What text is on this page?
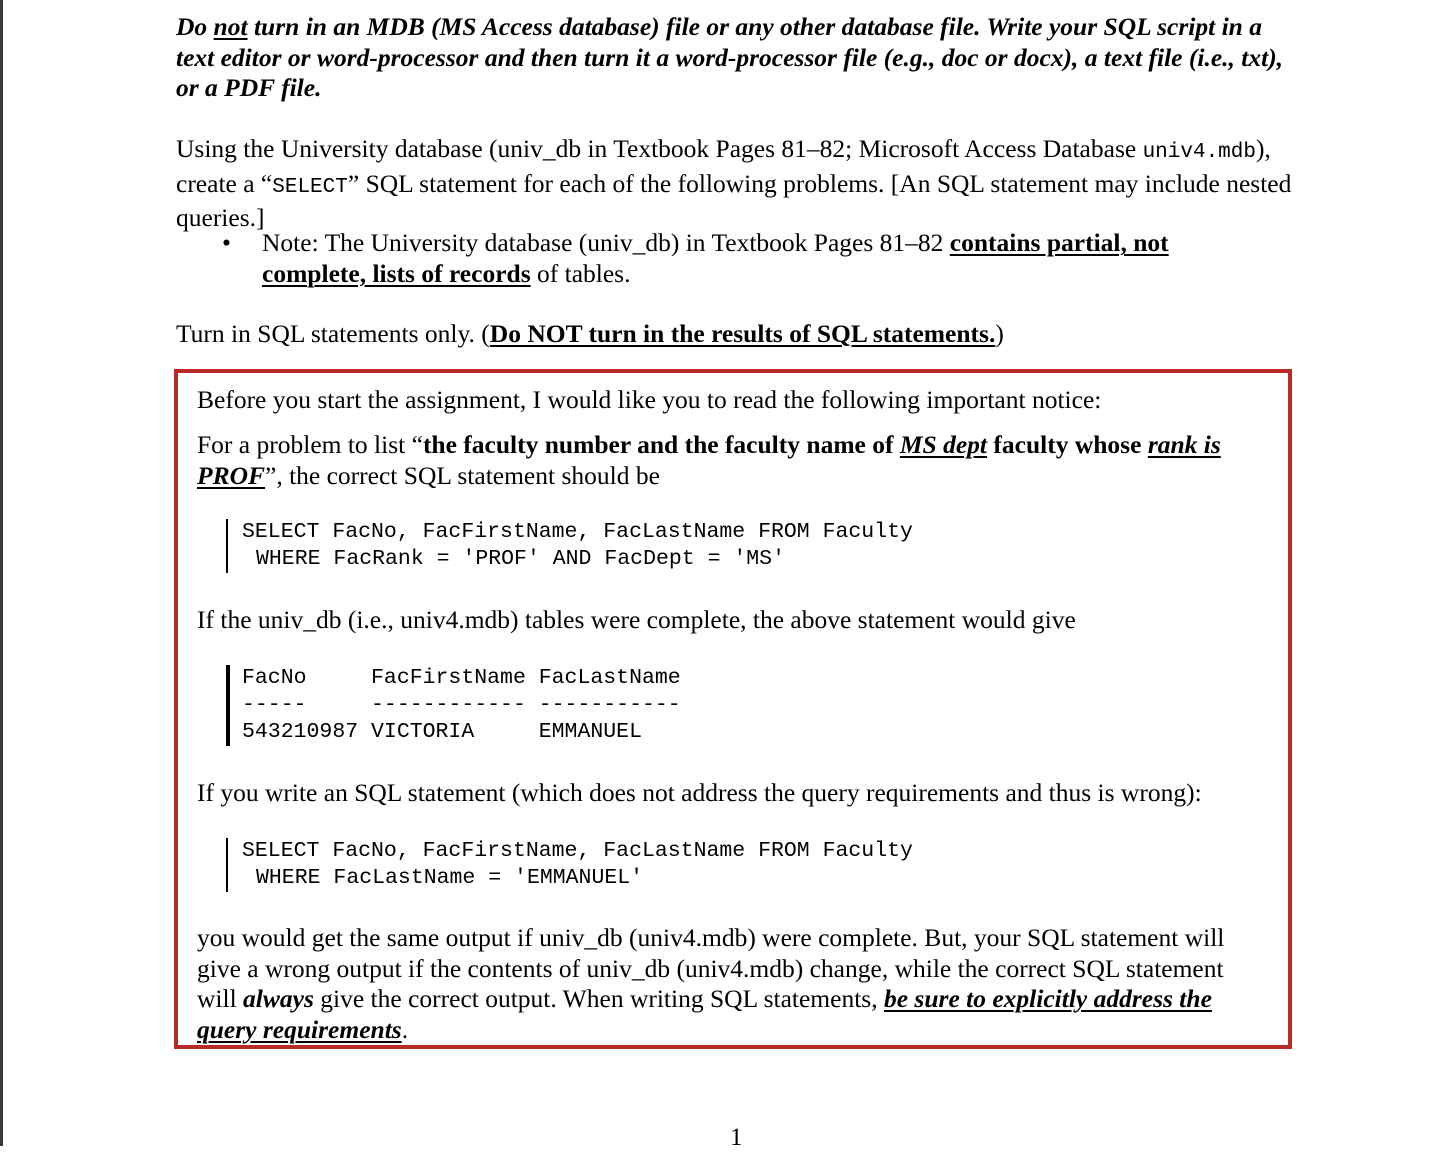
Do not turn in an MDB (MS Access database) file or any other database file. Write your SQL script in a text editor or word-processor and then turn it a word-processor file (e.g., doc or docx), a text file (i.e., txt), or a PDF file.

Using the University database (univ_db in Textbook Pages 81–82; Microsoft Access Database univ4.mdb), create a “SELECT” SQL statement for each of the following problems. [An SQL statement may include nested queries.]

• Note: The University database (univ_db) in Textbook Pages 81–82 contains partial, not complete, lists of records of tables.

Turn in SQL statements only. (Do NOT turn in the results of SQL statements.)

Before you start the assignment, I would like you to read the following important notice:

For a problem to list “the faculty number and the faculty name of MS dept faculty whose rank is PROF”, the correct SQL statement should be

SELECT FacNo, FacFirstName, FacLastName FROM Faculty
WHERE FacRank = 'PROF' AND FacDept = 'MS'

If the univ_db (i.e., univ4.mdb) tables were complete, the above statement would give

FacNo     FacFirstName FacLastName
-----     ------------ -----------
543210987 VICTORIA     EMMANUEL

If you write an SQL statement (which does not address the query requirements and thus is wrong):

SELECT FacNo, FacFirstName, FacLastName FROM Faculty
WHERE FacLastName = 'EMMANUEL'

you would get the same output if univ_db (univ4.mdb) were complete. But, your SQL statement will give a wrong output if the contents of univ_db (univ4.mdb) change, while the correct SQL statement will always give the correct output. When writing SQL statements, be sure to explicitly address the query requirements.

1
